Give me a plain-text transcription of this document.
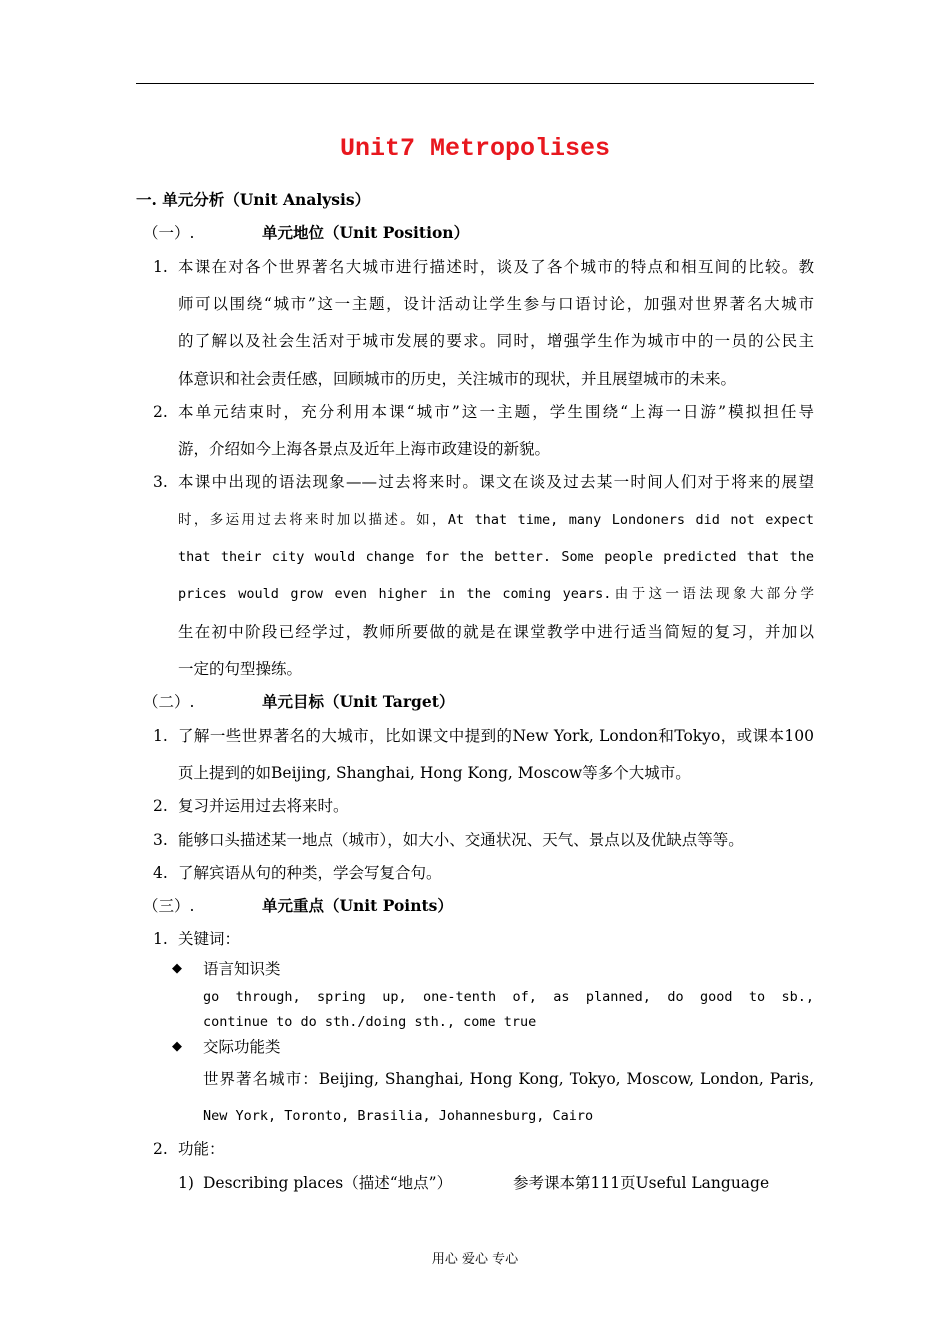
Unit7 Metropolises
一. 单元分析（Unit Analysis）
（一）.	单元地位（Unit Position）
1. 本课在对各个世界著名大城市进行描述时，谈及了各个城市的特点和相互间的比较。教
师可以围绕“城市”这一主题，设计活动让学生参与口语讨论，加强对世界著名大城市
的了解以及社会生活对于城市发展的要求。同时，增强学生作为城市中的一员的公民主
体意识和社会责任感，回顾城市的历史，关注城市的现状，并且展望城市的未来。
2. 本单元结束时，充分利用本课“城市”这一主题，学生围绕“上海一日游”模拟担任导
游，介绍如今上海各景点及近年上海市政建设的新貌。
3. 本课中出现的语法现象——过去将来时。课文在谈及过去某一时间人们对于将来的展望
时，多运用过去将来时加以描述。如，At that time, many Londoners did not expect
that their city would change for the better. Some people predicted that the
prices would grow even higher in the coming years.由于这一语法现象大部分学
生在初中阶段已经学过，教师所要做的就是在课堂教学中进行适当简短的复习，并加以
一定的句型操练。
（二）.	单元目标（Unit Target）
1. 了解一些世界著名的大城市，比如课文中提到的New York, London和Tokyo，或课本100
页上提到的如Beijing, Shanghai, Hong Kong, Moscow等多个大城市。
2. 复习并运用过去将来时。
3. 能够口头描述某一地点（城市），如大小、交通状况、天气、景点以及优缺点等等。
4. 了解宾语从句的种类，学会写复合句。
（三）.	单元重点（Unit Points）
1. 关键词：
◆ 语言知识类
go through, spring up, one-tenth of, as planned, do good to sb.,
continue to do sth./doing sth., come true
◆ 交际功能类
世界著名城市：Beijing, Shanghai, Hong Kong, Tokyo, Moscow, London, Paris,
New York, Toronto, Brasilia, Johannesburg, Cairo
2. 功能：
1) Describing places（描述“地点”）	参考课本第111页Useful Language
用心 爱心 专心
